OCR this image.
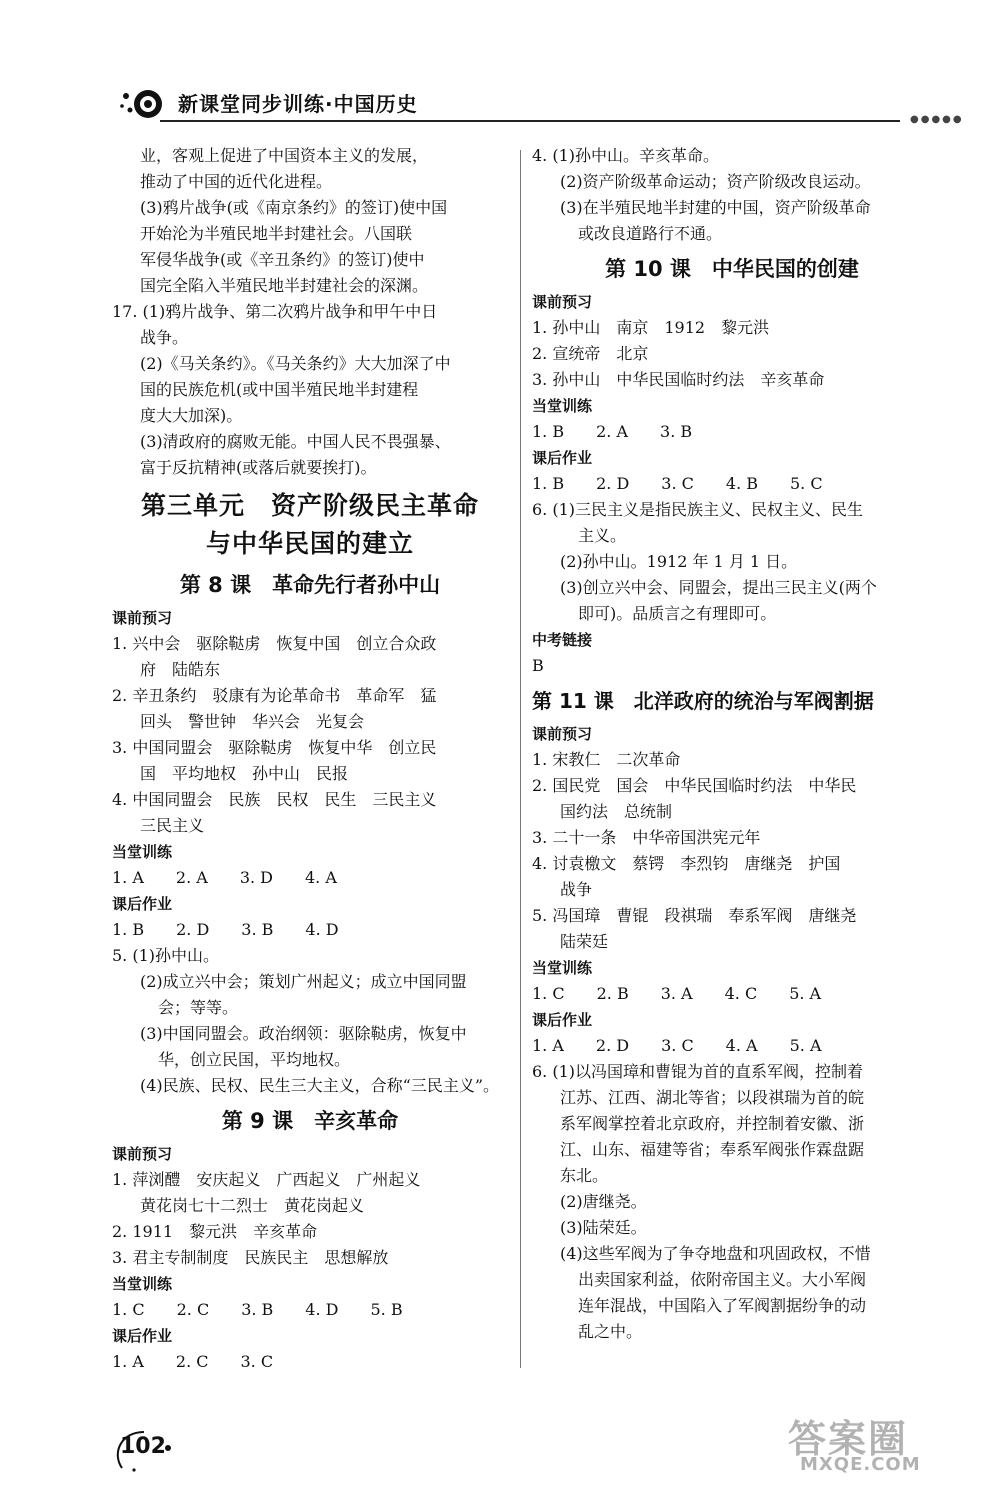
新课堂同步训练·中国历史
●●●●●

业，客观上促进了中国资本主义的发展，

推动了中国的近代化进程。

(3)鸦片战争(或《南京条约》的签订)使中国

开始沦为半殖民地半封建社会。八国联

军侵华战争(或《辛丑条约》的签订)使中

国完全陷入半殖民地半封建社会的深渊。

17. (1)鸦片战争、第二次鸦片战争和甲午中日

战争。

(2)《马关条约》。《马关条约》大大加深了中

国的民族危机(或中国半殖民地半封建程

度大大加深)。

(3)清政府的腐败无能。中国人民不畏强暴、

富于反抗精神(或落后就要挨打)。

第三单元　资产阶级民主革命
与中华民国的建立
第 8 课　革命先行者孙中山
课前预习

1. 兴中会　驱除鞑虏　恢复中国　创立合众政

府　陆皓东

2. 辛丑条约　驳康有为论革命书　革命军　猛

回头　警世钟　华兴会　光复会

3. 中国同盟会　驱除鞑虏　恢复中华　创立民

国　平均地权　孙中山　民报

4. 中国同盟会　民族　民权　民生　三民主义

三民主义

当堂训练

1. A　　2. A　　3. D　　4. A

课后作业

1. B　　2. D　　3. B　　4. D

5. (1)孙中山。

(2)成立兴中会；策划广州起义；成立中国同盟

会；等等。

(3)中国同盟会。政治纲领：驱除鞑虏，恢复中

华，创立民国，平均地权。

(4)民族、民权、民生三大主义，合称“三民主义”。

第 9 课　辛亥革命
课前预习

1. 萍浏醴　安庆起义　广西起义　广州起义

黄花岗七十二烈士　黄花岗起义

2. 1911　黎元洪　辛亥革命

3. 君主专制制度　民族民主　思想解放

当堂训练

1. C　　2. C　　3. B　　4. D　　5. B

课后作业

1. A　　2. C　　3. C

4. (1)孙中山。辛亥革命。

(2)资产阶级革命运动；资产阶级改良运动。

(3)在半殖民地半封建的中国，资产阶级革命

或改良道路行不通。

第 10 课　中华民国的创建
课前预习

1. 孙中山　南京　1912　黎元洪

2. 宣统帝　北京

3. 孙中山　中华民国临时约法　辛亥革命

当堂训练

1. B　　2. A　　3. B

课后作业

1. B　　2. D　　3. C　　4. B　　5. C

6. (1)三民主义是指民族主义、民权主义、民生

主义。

(2)孙中山。1912 年 1 月 1 日。

(3)创立兴中会、同盟会，提出三民主义(两个

即可)。品质言之有理即可。

中考链接

B

第 11 课　北洋政府的统治与军阀割据
课前预习

1. 宋教仁　二次革命

2. 国民党　国会　中华民国临时约法　中华民

国约法　总统制

3. 二十一条　中华帝国洪宪元年

4. 讨袁檄文　蔡锷　李烈钧　唐继尧　护国

战争

5. 冯国璋　曹锟　段祺瑞　奉系军阀　唐继尧

陆荣廷

当堂训练

1. C　　2. B　　3. A　　4. C　　5. A

课后作业

1. A　　2. D　　3. C　　4. A　　5. A

6. (1)以冯国璋和曹锟为首的直系军阀，控制着

江苏、江西、湖北等省；以段祺瑞为首的皖

系军阀掌控着北京政府，并控制着安徽、浙

江、山东、福建等省；奉系军阀张作霖盘踞

东北。

(2)唐继尧。

(3)陆荣廷。

(4)这些军阀为了争夺地盘和巩固政权，不惜

出卖国家利益，依附帝国主义。大小军阀

连年混战，中国陷入了军阀割据纷争的动

乱之中。

102	答案圈
MXQE.COM
